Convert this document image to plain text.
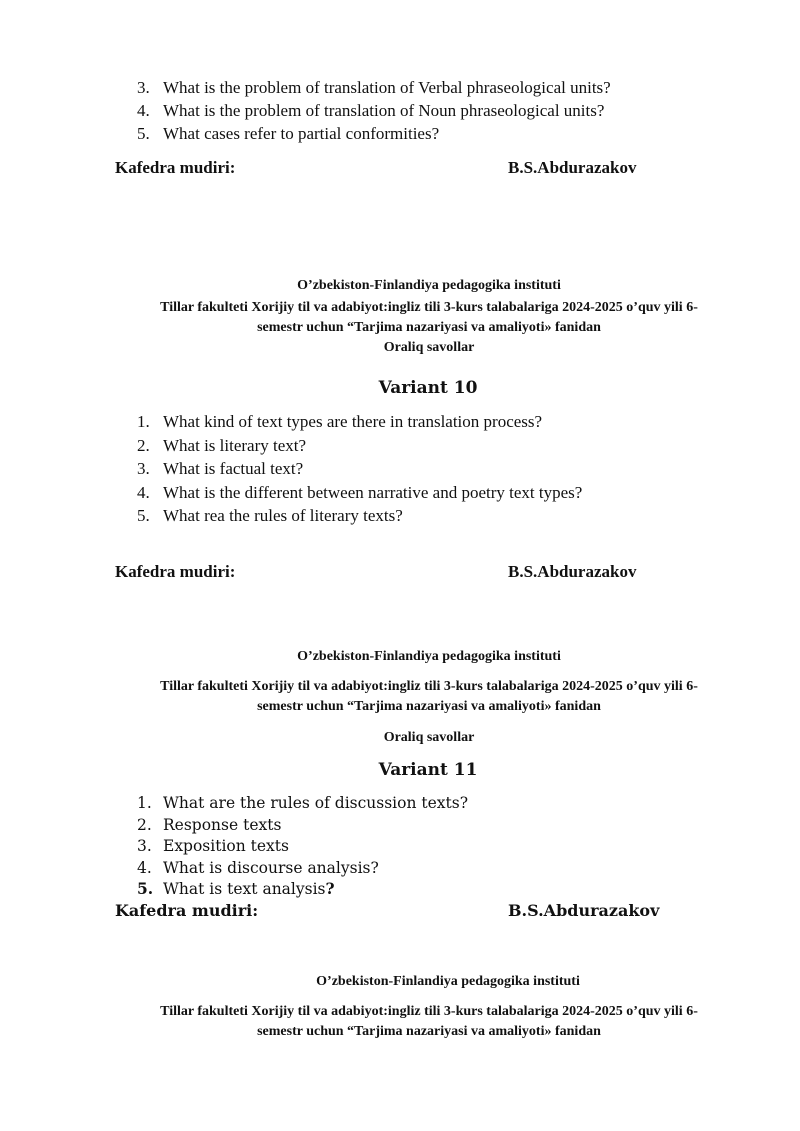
3. What is the problem of translation of Verbal phraseological units?
4. What is the problem of translation of Noun phraseological units?
5. What cases refer to partial conformities?
Kafedra mudiri:	B.S.Abdurazakov
O’zbekiston-Finlandiya pedagogika instituti
Tillar fakulteti Xorijiy til va adabiyot:ingliz tili 3-kurs talabalariga 2024-2025 o’quv yili 6-
semestr uchun “Tarjima nazariyasi va amaliyoti» fanidan
Oraliq savollar
Variant 10
1. What kind of text types are there in translation process?
2. What is literary text?
3. What is factual text?
4. What is the different between narrative and poetry text types?
5. What rea the rules of literary texts?
Kafedra mudiri:	B.S.Abdurazakov
O’zbekiston-Finlandiya pedagogika instituti
Tillar fakulteti Xorijiy til va adabiyot:ingliz tili 3-kurs talabalariga 2024-2025 o’quv yili 6-
semestr uchun “Tarjima nazariyasi va amaliyoti» fanidan
Oraliq savollar
Variant 11
1. What are the rules of discussion texts?
2. Response texts
3. Exposition texts
4. What is discourse analysis?
5. What is text analysis?
Kafedra mudiri:	B.S.Abdurazakov
O’zbekiston-Finlandiya pedagogika instituti
Tillar fakulteti Xorijiy til va adabiyot:ingliz tili 3-kurs talabalariga 2024-2025 o’quv yili 6-
semestr uchun “Tarjima nazariyasi va amaliyoti» fanidan
